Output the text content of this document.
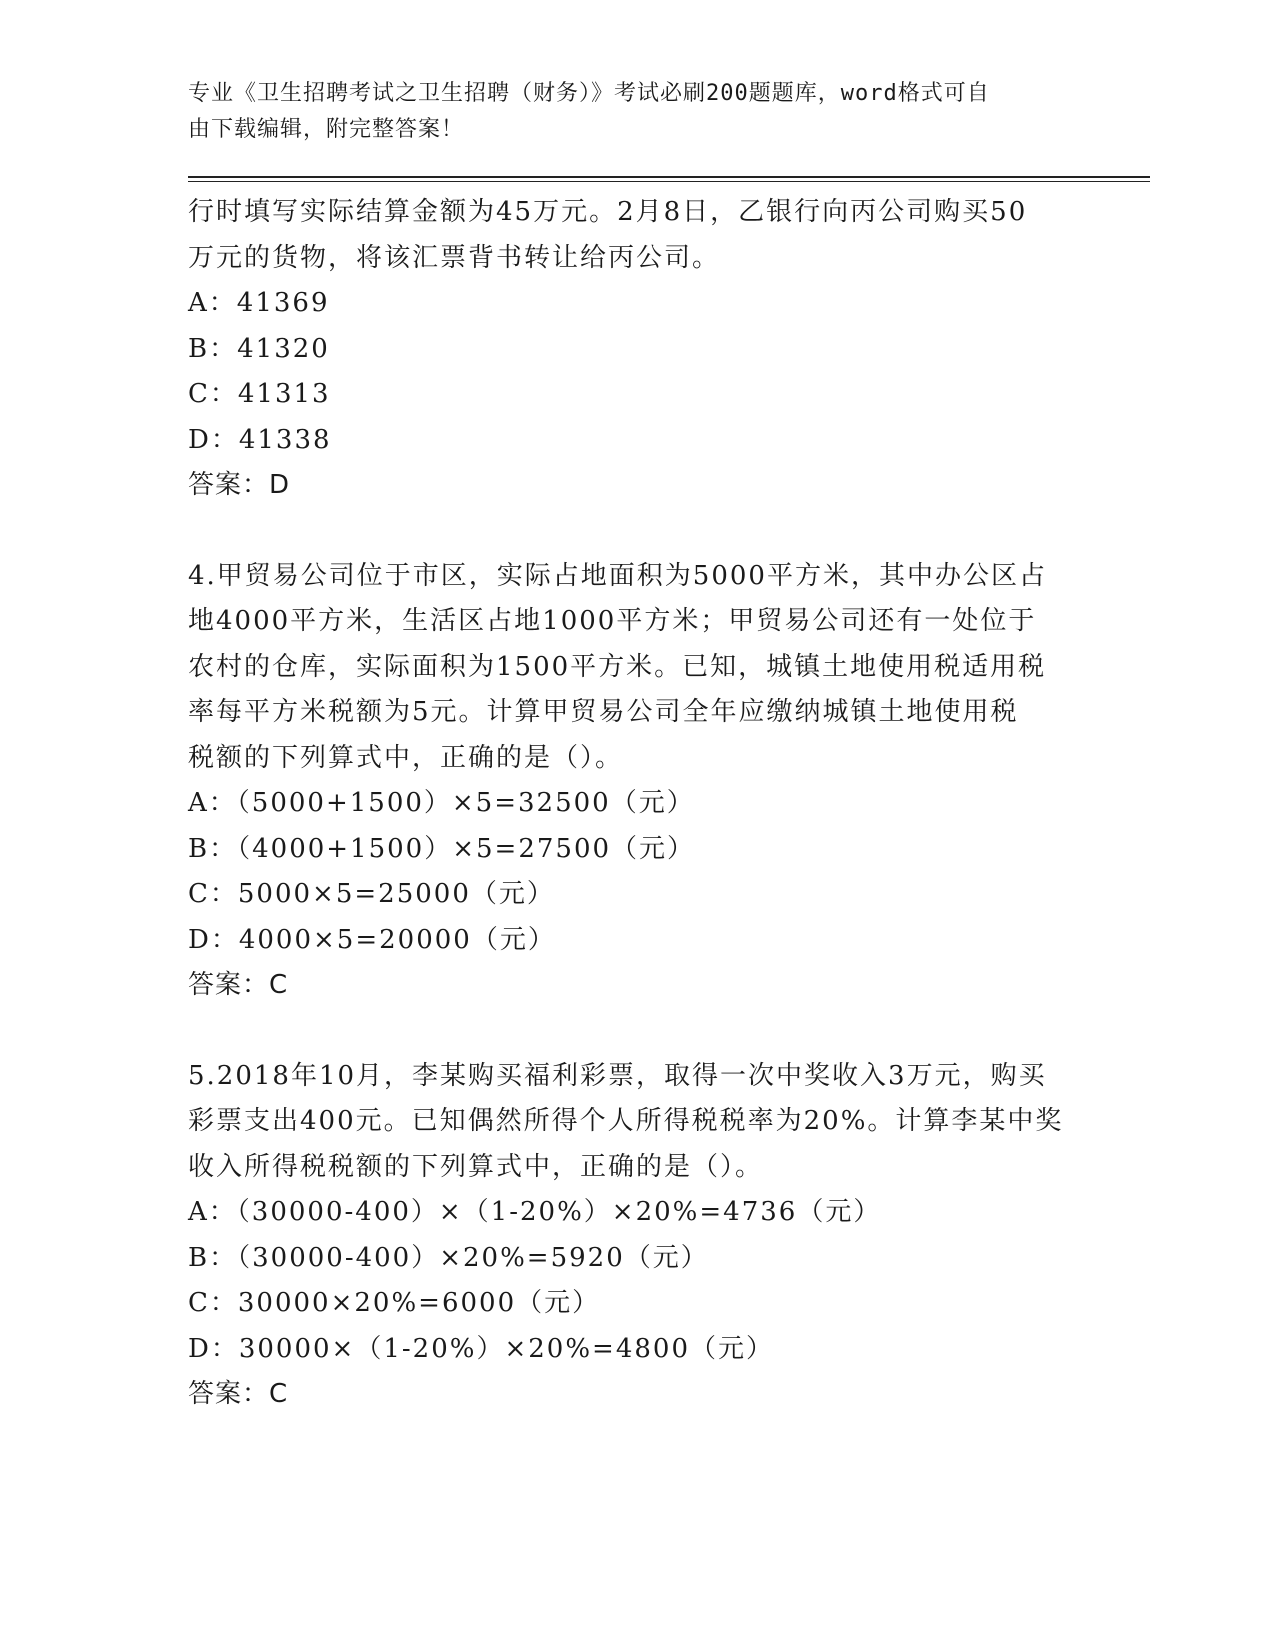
专业《卫生招聘考试之卫生招聘（财务）》考试必刷200题题库，word格式可自
由下载编辑，附完整答案！
行时填写实际结算金额为45万元。2月8日，乙银行向丙公司购买50
万元的货物，将该汇票背书转让给丙公司。
A：41369
B：41320
C：41313
D：41338
答案：D
4.甲贸易公司位于市区，实际占地面积为5000平方米，其中办公区占
地4000平方米，生活区占地1000平方米；甲贸易公司还有一处位于
农村的仓库，实际面积为1500平方米。已知，城镇土地使用税适用税
率每平方米税额为5元。计算甲贸易公司全年应缴纳城镇土地使用税
税额的下列算式中，正确的是（）。
A：（5000+1500）×5=32500（元）
B：（4000+1500）×5=27500（元）
C：5000×5=25000（元）
D：4000×5=20000（元）
答案：C
5.2018年10月，李某购买福利彩票，取得一次中奖收入3万元，购买
彩票支出400元。已知偶然所得个人所得税税率为20%。计算李某中奖
收入所得税税额的下列算式中，正确的是（）。
A：（30000-400）×（1-20%）×20%=4736（元）
B：（30000-400）×20%=5920（元）
C：30000×20%=6000（元）
D：30000×（1-20%）×20%=4800（元）
答案：C
